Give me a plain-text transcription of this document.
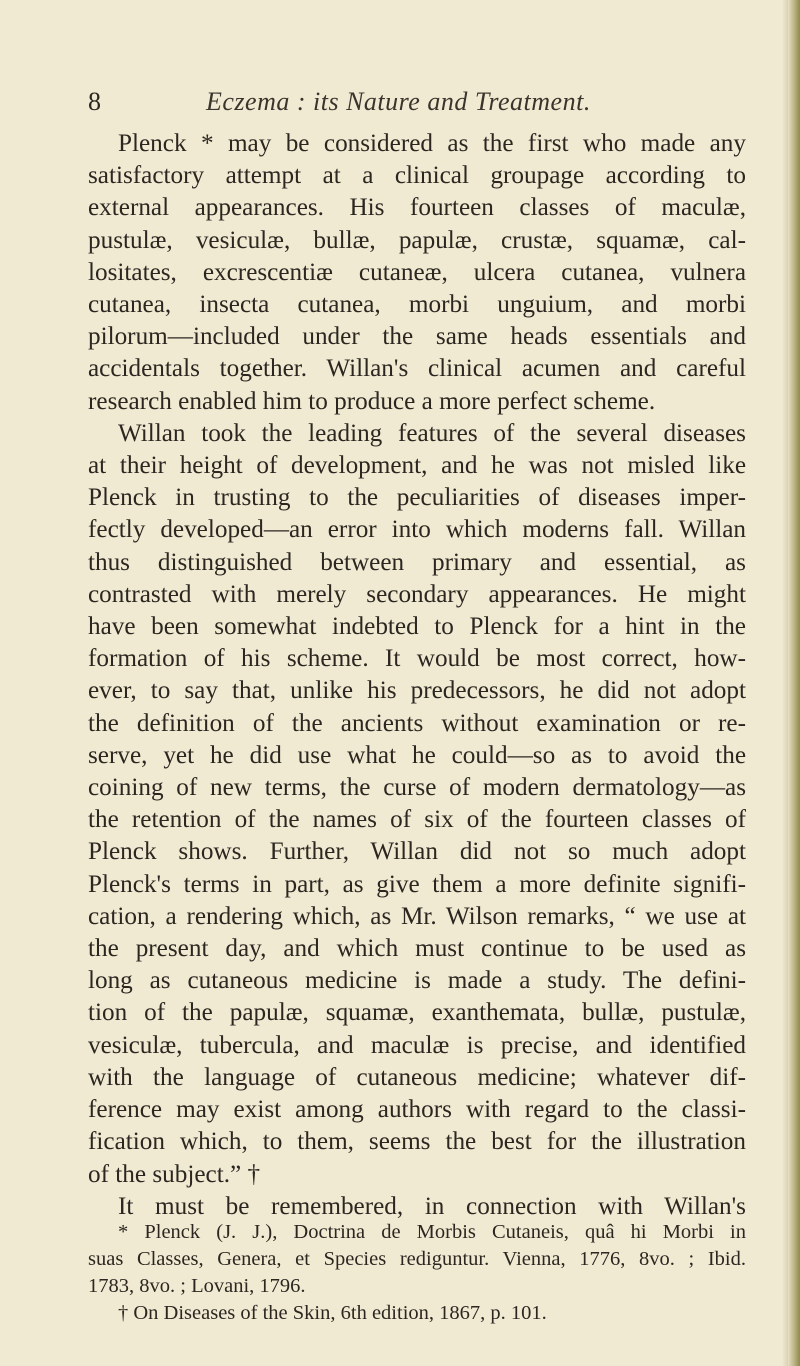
8	Eczema : its Nature and Treatment.
Plenck * may be considered as the first who made any
satisfactory attempt at a clinical groupage according to
external appearances. His fourteen classes of maculæ,
pustulæ, vesiculæ, bullæ, papulæ, crustæ, squamæ, cal-
lositates, excrescentiæ cutaneæ, ulcera cutanea, vulnera
cutanea, insecta cutanea, morbi unguium, and morbi
pilorum—included under the same heads essentials and
accidentals together. Willan's clinical acumen and careful
research enabled him to produce a more perfect scheme.
Willan took the leading features of the several diseases
at their height of development, and he was not misled like
Plenck in trusting to the peculiarities of diseases imper-
fectly developed—an error into which moderns fall. Willan
thus distinguished between primary and essential, as
contrasted with merely secondary appearances. He might
have been somewhat indebted to Plenck for a hint in the
formation of his scheme. It would be most correct, how-
ever, to say that, unlike his predecessors, he did not adopt
the definition of the ancients without examination or re-
serve, yet he did use what he could—so as to avoid the
coining of new terms, the curse of modern dermatology—as
the retention of the names of six of the fourteen classes of
Plenck shows. Further, Willan did not so much adopt
Plenck's terms in part, as give them a more definite signifi-
cation, a rendering which, as Mr. Wilson remarks, “ we use at
the present day, and which must continue to be used as
long as cutaneous medicine is made a study. The defini-
tion of the papulæ, squamæ, exanthemata, bullæ, pustulæ,
vesiculæ, tubercula, and maculæ is precise, and identified
with the language of cutaneous medicine; whatever dif-
ference may exist among authors with regard to the classi-
fication which, to them, seems the best for the illustration
of the subject.” †
It must be remembered, in connection with Willan's
* Plenck (J. J.), Doctrina de Morbis Cutaneis, quâ hi Morbi in
suas Classes, Genera, et Species rediguntur. Vienna, 1776, 8vo. ; Ibid.
1783, 8vo. ; Lovani, 1796.
† On Diseases of the Skin, 6th edition, 1867, p. 101.
